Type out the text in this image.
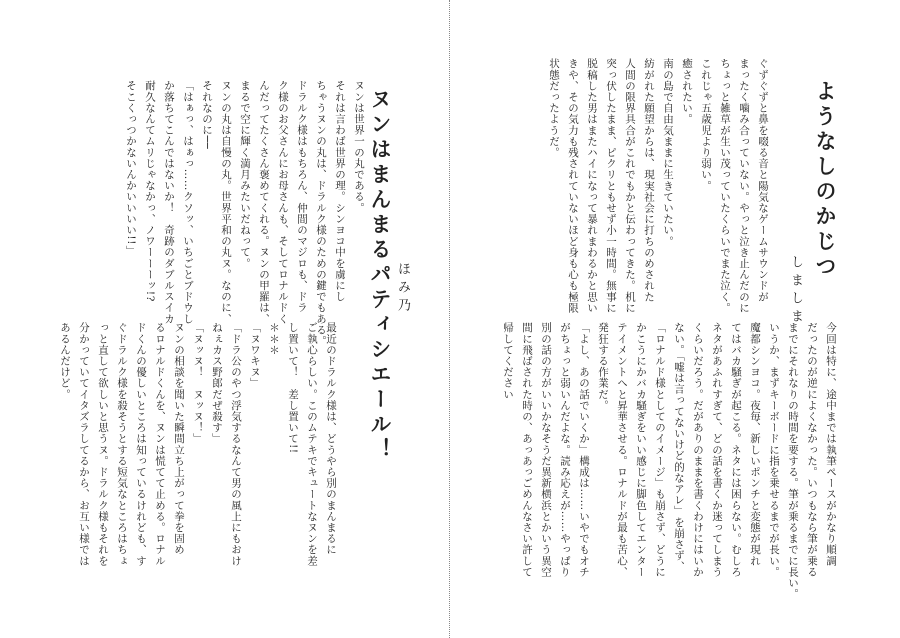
ヌンは世界一の丸である。
それは言わば世界の理。シンヨコ中を虜にし
ちゃうヌンの丸は、ドラルク様のための鍵でもある。
ドラルク様はもちろん、仲間のマジロも、ドラ
ク様のお父さんにお母さんも、そしてロナルドく
んだってたくさん褒めてくれる。ヌンの甲羅は、
まるで空に輝く満月みたいだねって。
ヌンの丸は自慢の丸。世界平和の丸ヌ。なのに、
それなのに──
「はぁっ、はぁっ……クソッ、いちごとブドウし
か落ちてこんではないか！　奇跡のダブルスイカ
耐久なんてムリじゃなかっ、ノワーーーッ!?
そこくっつかないんかいいいい!!」	ヌンはまんまるパティシエール！ ほみ乃
最近のドラルク様は、どうやら別のまんまるに
ご執心らしい。このムテキでキュートなヌンを差
し置いて！　差し置いて!!
＊＊＊
「ヌワキヌ」
「ドラ公のやつ浮気するなんて男の風上にもおけ
ねぇカス野郎だぜ殺す」
「ヌッヌ！　ヌッヌ！」
ヌンの相談を聞いた瞬間立ち上がって拳を固め
るロナルドくんを、ヌンは慌てて止める。ロナル
ドくんの優しいところは知っているけれども、す
ぐドラルク様を殺そうとする短気なところはちょ
っと直して欲しいと思うヌ。ドラルク様もそれを
分かっていてイタズラしてるから、お互い様では
あるんだけど。
ようなしのかじつ
しましま
ぐずぐずと鼻を啜る音と陽気なゲームサウンドが
まったく噛み合っていない。やっと泣き止んだのに
ちょっと雑草が生い茂っていたくらいでまた泣く。
これじゃ五歳児より弱い。
癒されたい。
南の島で自由気ままに生きていたい。
紡がれた願望からは、現実社会に打ちのめされた
人間の限界具合がこれでもかと伝わってきた。机に
突っ伏したまま、ピクリともせず小一時間。無事に
脱稿した男はまたハイになって暴れまわるかと思い
きや、その気力も残されていないほど身も心も極限
状態だったようだ。
今回は特に、途中までは執筆ペースがかなり順調
だったのが逆によくなかった。いつもなら筆が乗る
までにそれなりの時間を要する。筆が乗るまでに長い。
いうか、まずキーボードに指を乗せるまでが長い。
魔都シンヨコ。夜毎、新しいポンチと変態が現れ
てはバカ騒ぎが起こる。ネタには困らない。むしろ
ネタがあふれすぎて、どの話を書くか迷ってしまう
くらいだろう。だがありのままを書くわけにはいか
ない。「嘘は言ってないけど的なアレ」を崩さず、
「ロナルド様としてのイメージ」も崩さず、どうに
かこうにかバカ騒ぎをいい感じに脚色してエンター
テイメントへと昇華させる。ロナルドが最も苦心、
発狂する作業だ。
「よし、あの話でいくか」構成は……いやでもオチ
がちょっと弱いんだよな。読み応えが……やっぱり
別の話の方がいいかなそうだ異新横浜とかいう異空
間に飛ばされた時の、あっあっごめんなさい許して
帰してください
